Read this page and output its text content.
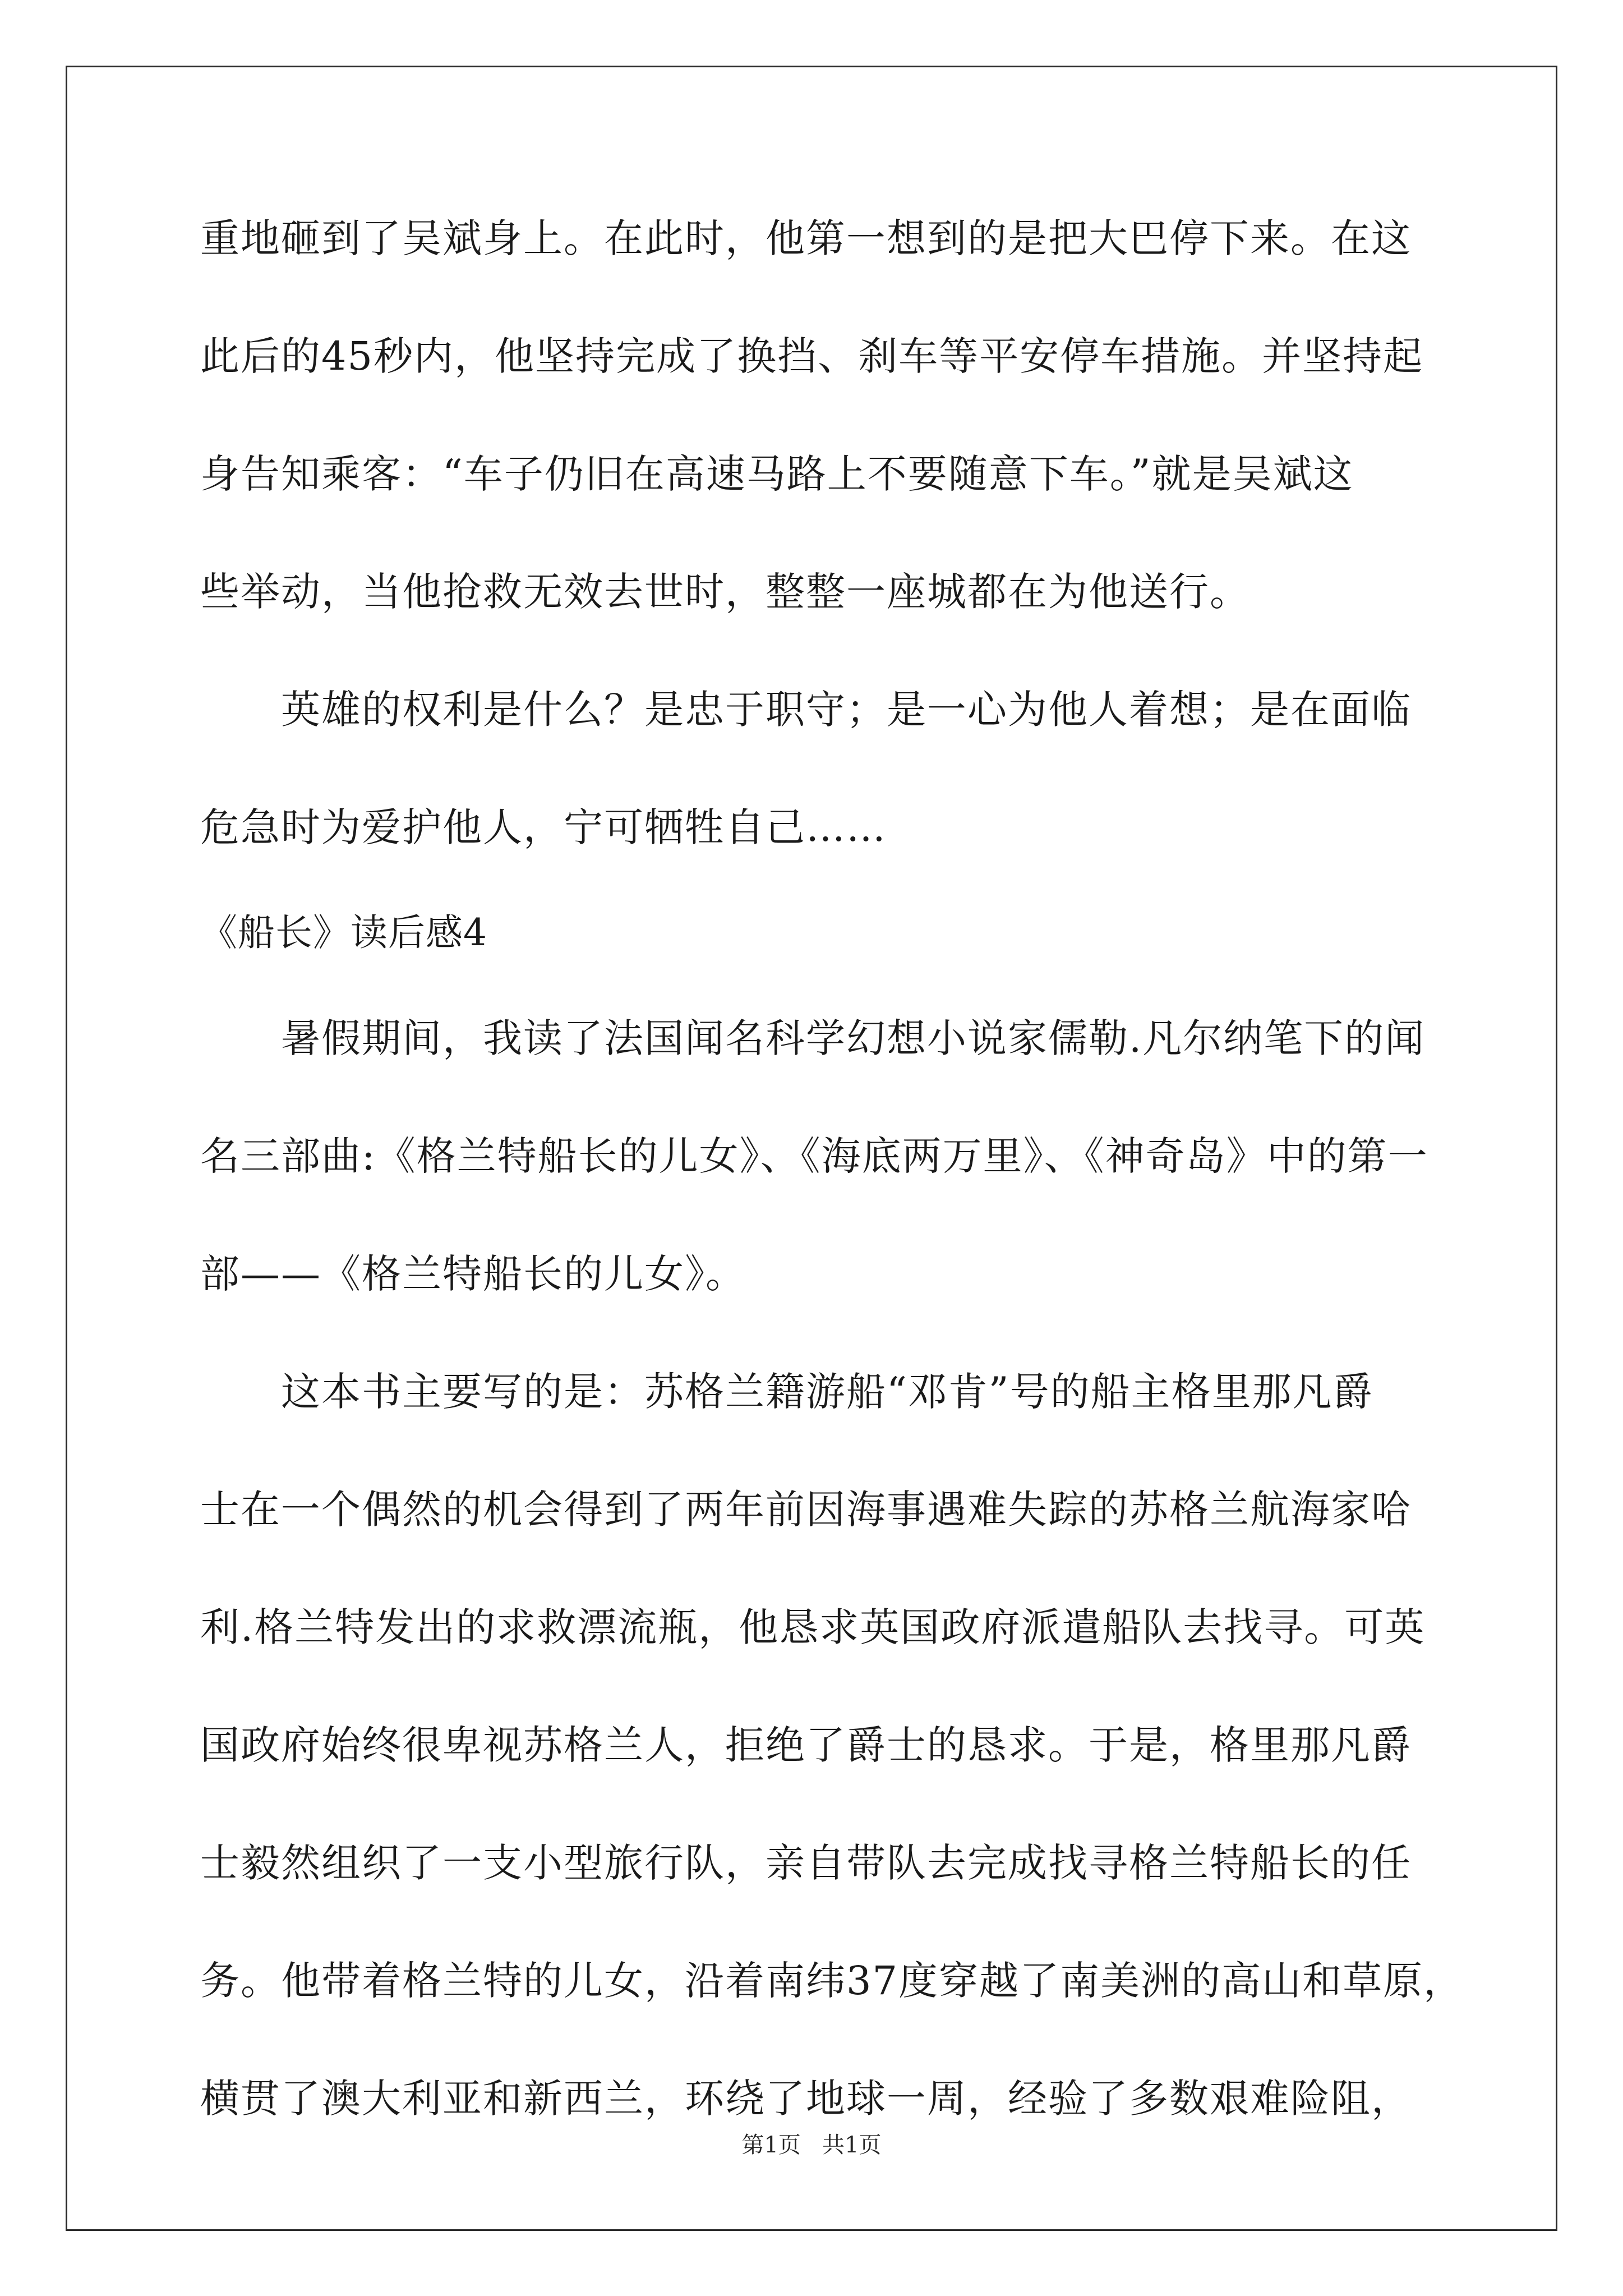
重地砸到了吴斌身上。在此时，他第一想到的是把大巴停下来。在这
此后的45秒内，他坚持完成了换挡、刹车等平安停车措施。并坚持起
身告知乘客：“车子仍旧在高速马路上不要随意下车。”就是吴斌这
些举动，当他抢救无效去世时，整整一座城都在为他送行。
英雄的权利是什么？是忠于职守；是一心为他人着想；是在面临
危急时为爱护他人，宁可牺牲自己……
《船长》读后感4
暑假期间，我读了法国闻名科学幻想小说家儒勒.凡尔纳笔下的闻
名三部曲:《格兰特船长的儿女》、《海底两万里》、《神奇岛》中的第一
部——《格兰特船长的儿女》。
这本书主要写的是：苏格兰籍游船“邓肯”号的船主格里那凡爵
士在一个偶然的机会得到了两年前因海事遇难失踪的苏格兰航海家哈
利.格兰特发出的求救漂流瓶，他恳求英国政府派遣船队去找寻。可英
国政府始终很卑视苏格兰人，拒绝了爵士的恳求。于是，格里那凡爵
士毅然组织了一支小型旅行队，亲自带队去完成找寻格兰特船长的任
务。他带着格兰特的儿女，沿着南纬37度穿越了南美洲的高山和草原，
横贯了澳大利亚和新西兰，环绕了地球一周，经验了多数艰难险阻，
第1页   共1页
